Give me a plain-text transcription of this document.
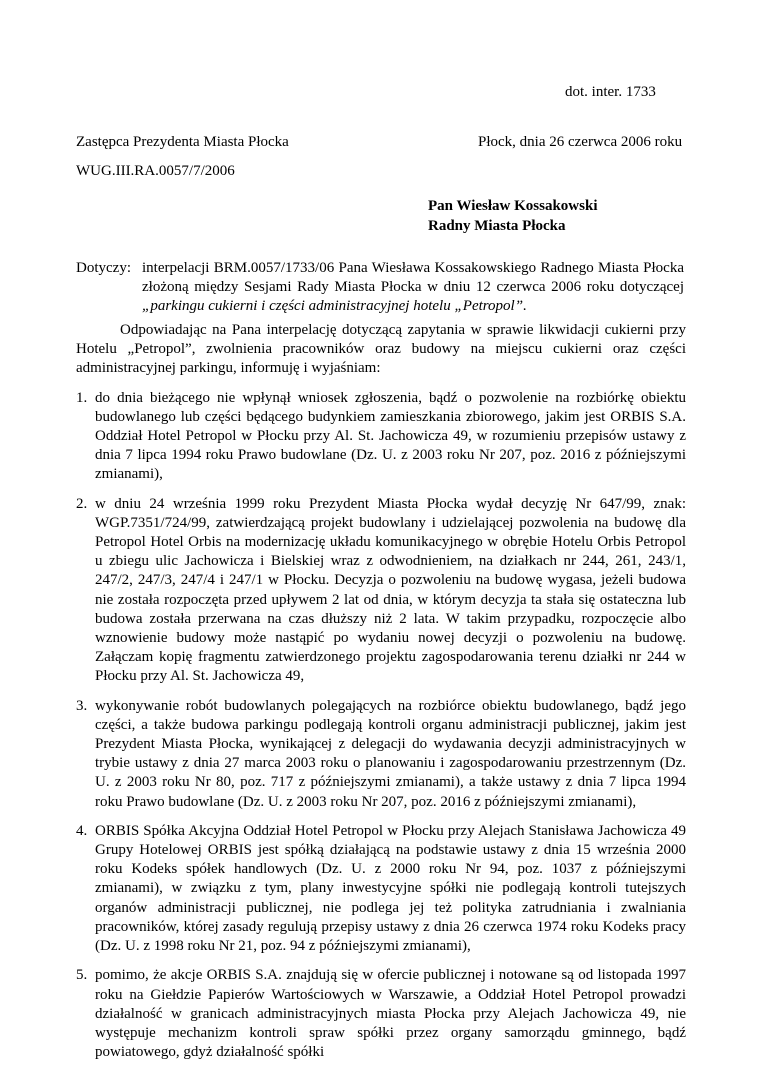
dot. inter. 1733
Zastępca Prezydenta Miasta Płocka	Płock, dnia 26 czerwca 2006 roku
WUG.III.RA.0057/7/2006
Pan Wiesław Kossakowski
Radny Miasta Płocka
Dotyczy: interpelacji BRM.0057/1733/06 Pana Wiesława Kossakowskiego Radnego Miasta Płocka złożoną między Sesjami Rady Miasta Płocka w dniu 12 czerwca 2006 roku dotyczącej „parkingu cukierni i części administracyjnej hotelu „Petropol”.

Odpowiadając na Pana interpelację dotyczącą zapytania w sprawie likwidacji cukierni przy Hotelu „Petropol”, zwolnienia pracowników oraz budowy na miejscu cukierni oraz części administracyjnej parkingu, informuję i wyjaśniam:

1. do dnia bieżącego nie wpłynął wniosek zgłoszenia, bądź o pozwolenie na rozbiórkę obiektu budowlanego lub części będącego budynkiem zamieszkania zbiorowego, jakim jest ORBIS S.A. Oddział Hotel Petropol w Płocku przy Al. St. Jachowicza 49, w rozumieniu przepisów ustawy z dnia 7 lipca 1994 roku Prawo budowlane (Dz. U. z 2003 roku Nr 207, poz. 2016 z późniejszymi zmianami),
2. w dniu 24 września 1999 roku Prezydent Miasta Płocka wydał decyzję Nr 647/99, znak: WGP.7351/724/99, zatwierdzającą projekt budowlany i udzielającej pozwolenia na budowę dla Petropol Hotel Orbis na modernizację układu komunikacyjnego w obrębie Hotelu Orbis Petropol u zbiegu ulic Jachowicza i Bielskiej wraz z odwodnieniem, na działkach nr 244, 261, 243/1, 247/2, 247/3, 247/4 i 247/1 w Płocku. Decyzja o pozwoleniu na budowę wygasa, jeżeli budowa nie została rozpoczęta przed upływem 2 lat od dnia, w którym decyzja ta stała się ostateczna lub budowa została przerwana na czas dłuższy niż 2 lata. W takim przypadku, rozpoczęcie albo wznowienie budowy może nastąpić po wydaniu nowej decyzji o pozwoleniu na budowę. Załączam kopię fragmentu zatwierdzonego projektu zagospodarowania terenu działki nr 244 w Płocku przy Al. St. Jachowicza 49,
3. wykonywanie robót budowlanych polegających na rozbiórce obiektu budowlanego, bądź jego części, a także budowa parkingu podlegają kontroli organu administracji publicznej, jakim jest Prezydent Miasta Płocka, wynikającej z delegacji do wydawania decyzji administracyjnych w trybie ustawy z dnia 27 marca 2003 roku o planowaniu i zagospodarowaniu przestrzennym (Dz. U. z 2003 roku Nr 80, poz. 717 z późniejszymi zmianami), a także ustawy z dnia 7 lipca 1994 roku Prawo budowlane (Dz. U. z 2003 roku Nr 207, poz. 2016 z późniejszymi zmianami),
4. ORBIS Spółka Akcyjna Oddział Hotel Petropol w Płocku przy Alejach Stanisława Jachowicza 49 Grupy Hotelowej ORBIS jest spółką działającą na podstawie ustawy z dnia 15 września 2000 roku Kodeks spółek handlowych (Dz. U. z 2000 roku Nr 94, poz. 1037 z późniejszymi zmianami), w związku z tym, plany inwestycyjne spółki nie podlegają kontroli tutejszych organów administracji publicznej, nie podlega jej też polityka zatrudniania i zwalniania pracowników, której zasady regulują przepisy ustawy z dnia 26 czerwca 1974 roku Kodeks pracy (Dz. U. z 1998 roku Nr 21, poz. 94 z późniejszymi zmianami),
5. pomimo, że akcje ORBIS S.A. znajdują się w ofercie publicznej i notowane są od listopada 1997 roku na Giełdzie Papierów Wartościowych w Warszawie, a Oddział Hotel Petropol prowadzi działalność w granicach administracyjnych miasta Płocka przy Alejach Jachowicza 49, nie występuje mechanizm kontroli spraw spółki przez organy samorządu gminnego, bądź powiatowego, gdyż działalność spółki
